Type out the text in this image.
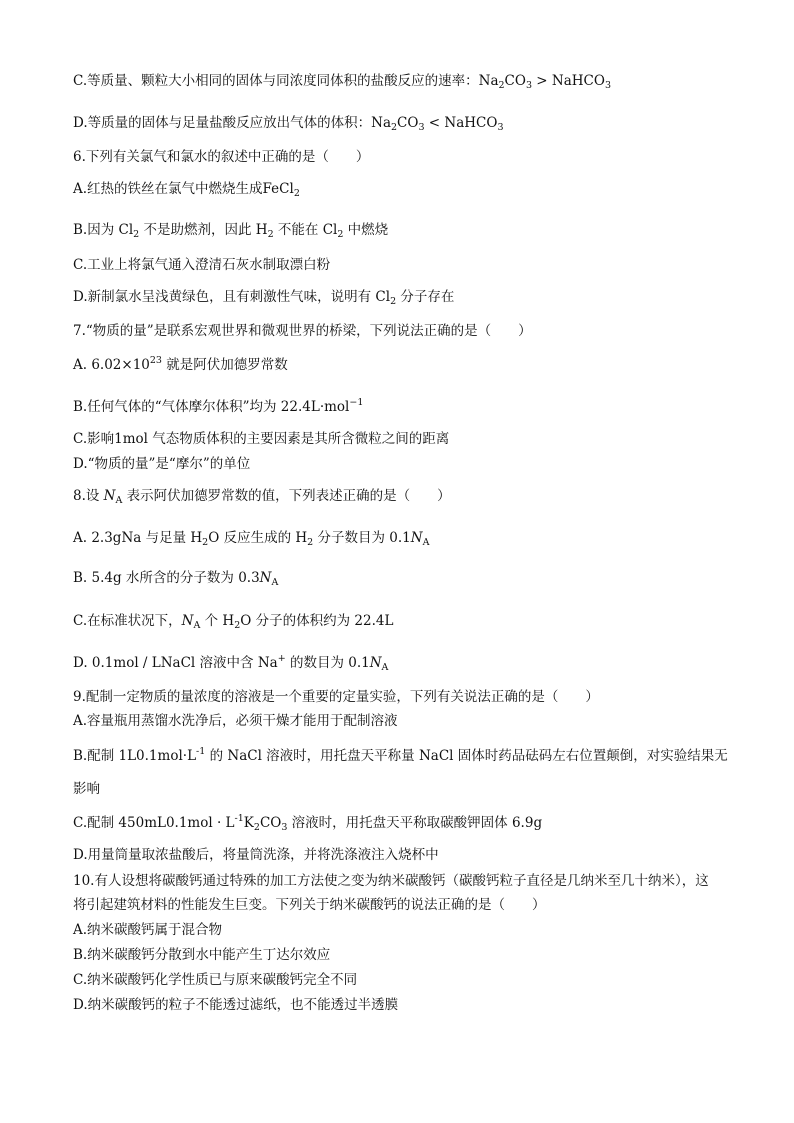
C.等质量、颗粒大小相同的固体与同浓度同体积的盐酸反应的速率：$Na_2CO_3$ > NaHCO$_3$
D.等质量的固体与足量盐酸反应放出气体的体积：$Na_2CO_3$ < NaHCO$_3$
6.下列有关氯气和氯水的叙述中正确的是（　　）
A.红热的铁丝在氯气中燃烧生成FeCl$_2$
B.因为 $Cl_2$ 不是助燃剂，因此 $H_2$ 不能在 $Cl_2$ 中燃烧
C.工业上将氯气通入澄清石灰水制取漂白粉
D.新制氯水呈浅黄绿色，且有刺激性气味，说明有 $Cl_2$ 分子存在
7.“物质的量”是联系宏观世界和微观世界的桥梁，下列说法正确的是（　　）
A. $6.02\times 10^{23}$ 就是阿伏加德罗常数
B.任何气体的“气体摩尔体积”均为 22.4L·mol$^{-1}$
C.影响1mol 气态物质体积的主要因素是其所含微粒之间的距离
D.“物质的量”是“摩尔”的单位
8.设 $N_A$ 表示阿伏加德罗常数的值，下列表述正确的是（　　）
A. 2.3gNa 与足量 $H_2O$ 反应生成的 $H_2$ 分子数目为 $0.1N_A$
B. 5.4g 水所含的分子数为 $0.3N_A$
C.在标准状况下，$N_A$ 个 $H_2O$ 分子的体积约为 22.4L
D. 0.1mol / LNaCl 溶液中含 Na+ 的数目为 $0.1N_A$
9.配制一定物质的量浓度的溶液是一个重要的定量实验，下列有关说法正确的是（　　）
A.容量瓶用蒸馏水洗净后，必须干燥才能用于配制溶液
B.配制 $1L0.1mol\cdot L^{-1}$ 的 NaCl 溶液时，用托盘天平称量 NaCl 固体时药品砝码左右位置颠倒，对实验结果无
影响
C.配制 $450mL0.1mol \cdot L^{-1}K_2CO_3$ 溶液时，用托盘天平称取碳酸钾固体 6.9g
D.用量筒量取浓盐酸后，将量筒洗涤，并将洗涤液注入烧杯中
10.有人设想将碳酸钙通过特殊的加工方法使之变为纳米碳酸钙（碳酸钙粒子直径是几纳米至几十纳米），这
将引起建筑材料的性能发生巨变。下列关于纳米碳酸钙的说法正确的是（　　）
A.纳米碳酸钙属于混合物
B.纳米碳酸钙分散到水中能产生丁达尔效应
C.纳米碳酸钙化学性质已与原来碳酸钙完全不同
D.纳米碳酸钙的粒子不能透过滤纸，也不能透过半透膜
